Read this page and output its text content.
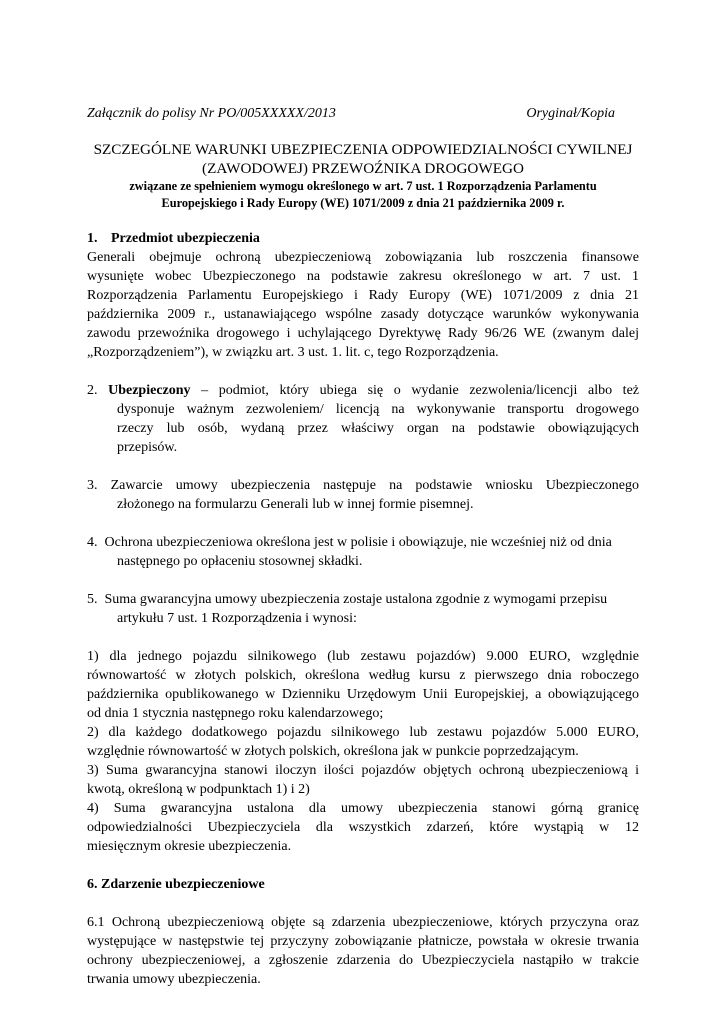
Załącznik do polisy Nr PO/005XXXXX/2013	Oryginał/Kopia
SZCZEGÓLNE WARUNKI UBEZPIECZENIA ODPOWIEDZIALNOŚCI CYWILNEJ
(ZAWODOWEJ) PRZEWOŹNIKA DROGOWEGO
związane ze spełnieniem wymogu określonego w art. 7 ust. 1 Rozporządzenia Parlamentu
Europejskiego i Rady Europy (WE) 1071/2009 z dnia 21 października 2009 r.
1. Przedmiot ubezpieczenia
Generali obejmuje ochroną ubezpieczeniową zobowiązania lub roszczenia finansowe
wysunięte wobec Ubezpieczonego na podstawie zakresu określonego w art. 7 ust. 1
Rozporządzenia Parlamentu Europejskiego i Rady Europy (WE) 1071/2009 z dnia 21
października 2009 r., ustanawiającego wspólne zasady dotyczące warunków wykonywania
zawodu przewoźnika drogowego i uchylającego Dyrektywę Rady 96/26 WE (zwanym dalej
„Rozporządzeniem”), w związku art. 3 ust. 1. lit. c, tego Rozporządzenia.
2. Ubezpieczony – podmiot, który ubiega się o wydanie zezwolenia/licencji albo też
dysponuje ważnym zezwoleniem/ licencją na wykonywanie transportu drogowego
rzeczy lub osób, wydaną przez właściwy organ na podstawie obowiązujących
przepisów.
3. Zawarcie umowy ubezpieczenia następuje na podstawie wniosku Ubezpieczonego
złożonego na formularzu Generali lub w innej formie pisemnej.
4. Ochrona ubezpieczeniowa określona jest w polisie i obowiązuje, nie wcześniej niż od dnia
następnego po opłaceniu stosownej składki.
5. Suma gwarancyjna umowy ubezpieczenia zostaje ustalona zgodnie z wymogami przepisu
artykułu 7 ust. 1 Rozporządzenia i wynosi:
1) dla jednego pojazdu silnikowego (lub zestawu pojazdów) 9.000 EURO, względnie
równowartość w złotych polskich, określona według kursu z pierwszego dnia roboczego
października opublikowanego w Dzienniku Urzędowym Unii Europejskiej, a obowiązującego
od dnia 1 stycznia następnego roku kalendarzowego;
2) dla każdego dodatkowego pojazdu silnikowego lub zestawu pojazdów 5.000 EURO,
względnie równowartość w złotych polskich, określona jak w punkcie poprzedzającym.
3) Suma gwarancyjna stanowi iloczyn ilości pojazdów objętych ochroną ubezpieczeniową i
kwotą, określoną w podpunktach 1) i 2)
4) Suma gwarancyjna ustalona dla umowy ubezpieczenia stanowi górną granicę
odpowiedzialności Ubezpieczyciela dla wszystkich zdarzeń, które wystąpią w 12
miesięcznym okresie ubezpieczenia.
6. Zdarzenie ubezpieczeniowe
6.1 Ochroną ubezpieczeniową objęte są zdarzenia ubezpieczeniowe, których przyczyna oraz
występujące w następstwie tej przyczyny zobowiązanie płatnicze, powstała w okresie trwania
ochrony ubezpieczeniowej, a zgłoszenie zdarzenia do Ubezpieczyciela nastąpiło w trakcie
trwania umowy ubezpieczenia.
